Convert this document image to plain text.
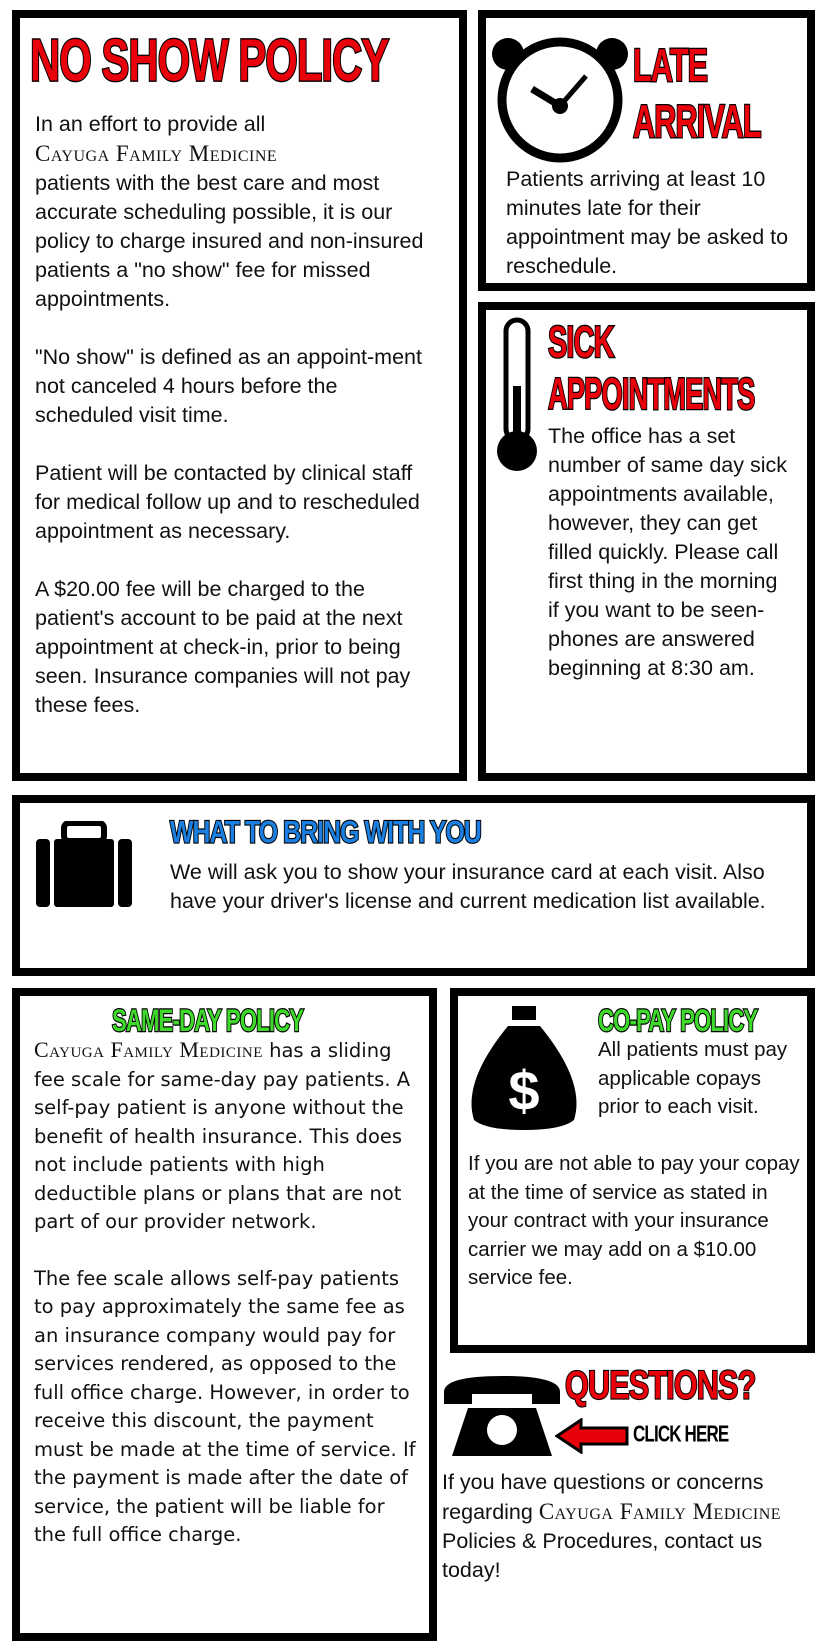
NO SHOW POLICY

In an effort to provide all
Cayuga Family Medicine
patients with the best care and most accurate scheduling possible, it is our policy to charge insured and non-insured patients a "no show" fee for missed appointments.

"No show" is defined as an appoint-ment not canceled 4 hours before the scheduled visit time.

Patient will be contacted by clinical staff for medical follow up and to rescheduled appointment as necessary.

A $20.00 fee will be charged to the patient's account to be paid at the next appointment at check-in, prior to being seen. Insurance companies will not pay these fees.

LATE
ARRIVAL
Patients arriving at least 10 minutes late for their appointment may be asked to reschedule.
SICK
APPOINTMENTS
The office has a set number of same day sick appointments available, however, they can get filled quickly. Please call first thing in the morning if you want to be seen- phones are answered beginning at 8:30 am.
WHAT TO BRING WITH YOU
We will ask you to show your insurance card at each visit. Also have your driver's license and current medication list available.
SAME-DAY POLICY

Cayuga Family Medicine has a sliding fee scale for same-day pay patients. A self-pay patient is anyone without the benefit of health insurance. This does not include patients with high deductible plans or plans that are not part of our provider network.

The fee scale allows self-pay patients to pay approximately the same fee as an insurance company would pay for services rendered, as opposed to the full office charge. However, in order to receive this discount, the payment must be made at the time of service. If the payment is made after the date of service, the patient will be liable for the full office charge.

$
CO-PAY POLICY
All patients must pay applicable copays prior to each visit.
If you are not able to pay your copay at the time of service as stated in your contract with your insurance carrier we may add on a $10.00 service fee.
QUESTIONS?
CLICK HERE
If you have questions or concerns regarding Cayuga Family Medicine Policies & Procedures, contact us today!
